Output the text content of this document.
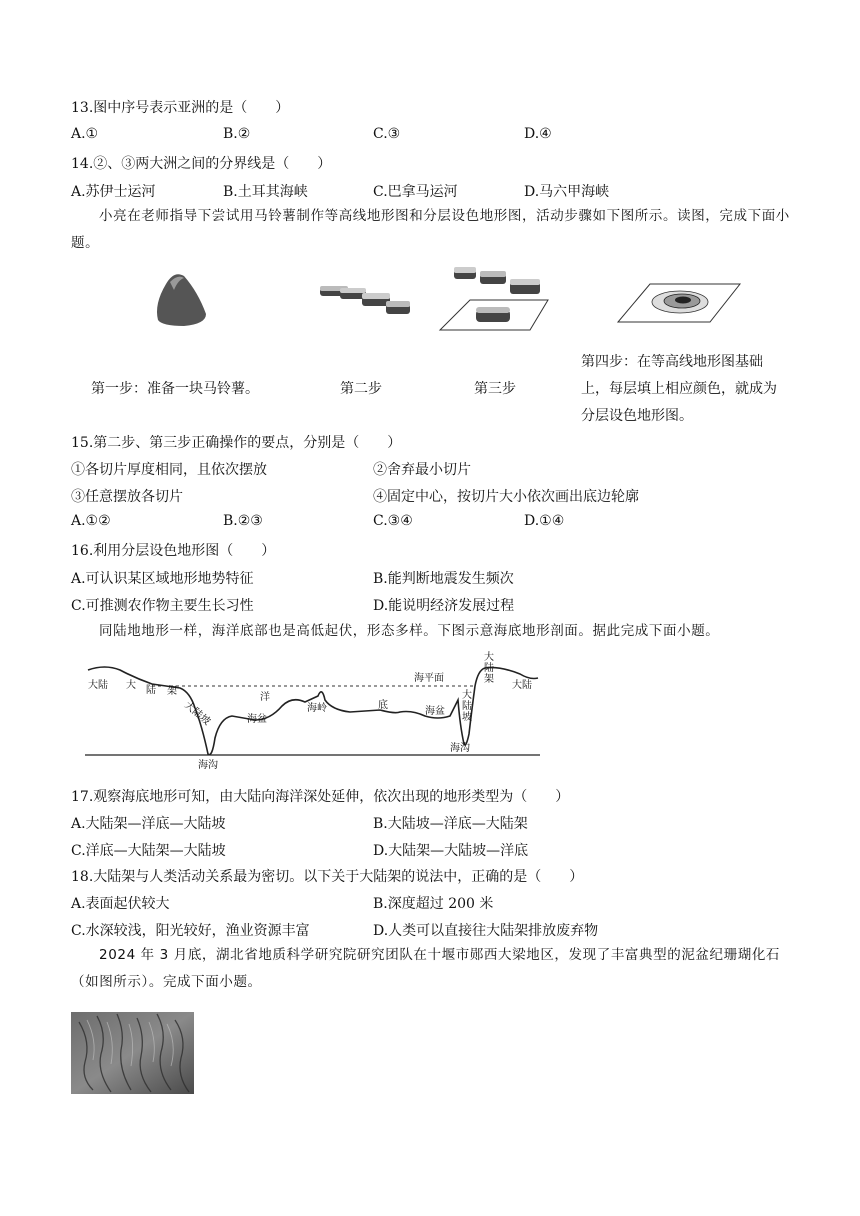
13.图中序号表示亚洲的是（　　）
A.①	B.②	C.③	D.④
14.②、③两大洲之间的分界线是（　　）
A.苏伊士运河	B.土耳其海峡	C.巴拿马运河	D.马六甲海峡
小亮在老师指导下尝试用马铃薯制作等高线地形图和分层设色地形图，活动步骤如下图所示。读图，完成下面小题。
第一步：准备一块马铃薯。	第二步	第三步
第四步：在等高线地形图基础
上，每层填上相应颜色，就成为
分层设色地形图。
15.第二步、第三步正确操作的要点，分别是（　　）
①各切片厚度相同，且依次摆放	②舍弃最小切片
③任意摆放各切片	④固定中心，按切片大小依次画出底边轮廓
A.①②	B.②③	C.③④	D.①④
16.利用分层设色地形图（　　）
A.可认识某区域地形地势特征	B.能判断地震发生频次
C.可推测农作物主要生长习性	D.能说明经济发展过程
同陆地地形一样，海洋底部也是高低起伏，形态多样。下图示意海底地形剖面。据此完成下面小题。
大陆 大 陆 架
大陆坡
洋
海盆
海岭	底
海盆
海平面
大陆
海沟
海沟
大
陆
架
大
陆
坡
17.观察海底地形可知，由大陆向海洋深处延伸，依次出现的地形类型为（　　）
A.大陆架—洋底—大陆坡	B.大陆坡—洋底—大陆架
C.洋底—大陆架—大陆坡	D.大陆架—大陆坡—洋底
18.大陆架与人类活动关系最为密切。以下关于大陆架的说法中，正确的是（　　）
A.表面起伏较大	B.深度超过 200 米
C.水深较浅，阳光较好，渔业资源丰富	D.人类可以直接往大陆架排放废弃物
2024 年 3 月底，湖北省地质科学研究院研究团队在十堰市郧西大梁地区，发现了丰富典型的泥盆纪珊瑚化石（如图所示）。完成下面小题。
